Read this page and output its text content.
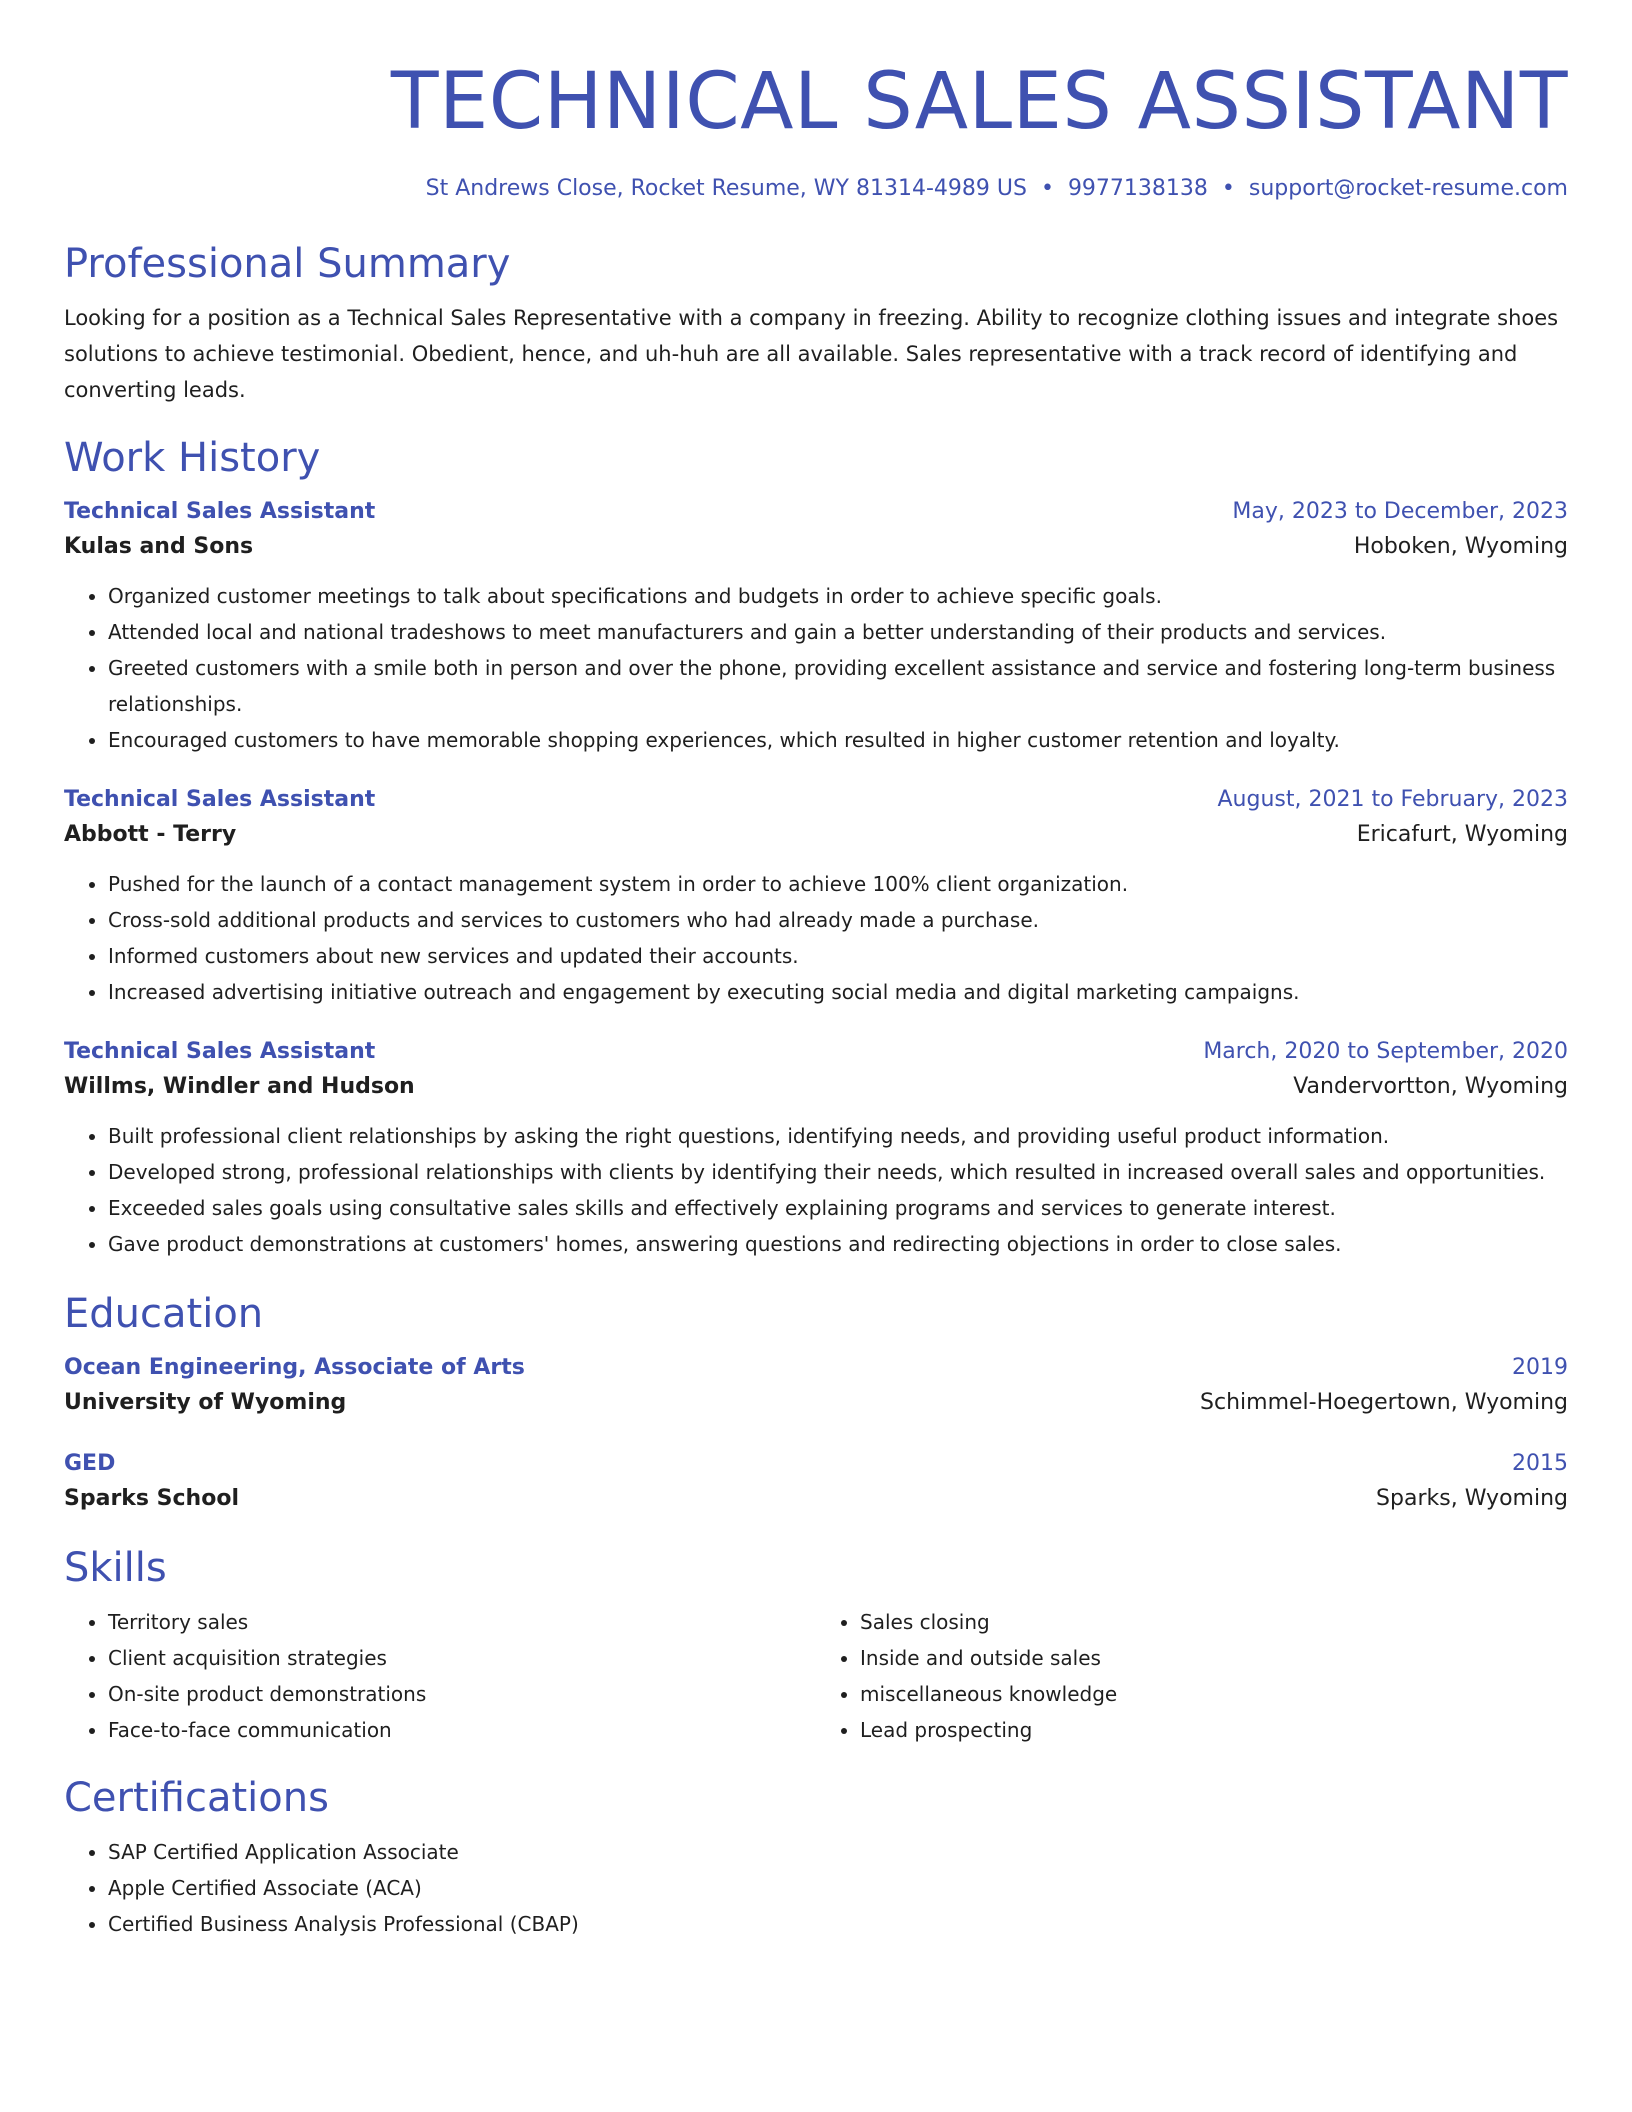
TECHNICAL SALES ASSISTANT
St Andrews Close, Rocket Resume, WY 81314-4989 US • 9977138138 • support@rocket-resume.com
Professional Summary
Looking for a position as a Technical Sales Representative with a company in freezing. Ability to recognize clothing issues and integrate shoes solutions to achieve testimonial. Obedient, hence, and uh-huh are all available. Sales representative with a track record of identifying and converting leads.
Work History
Technical Sales Assistant	May, 2023 to December, 2023
Kulas and Sons	Hoboken, Wyoming
• Organized customer meetings to talk about specifications and budgets in order to achieve specific goals.
• Attended local and national tradeshows to meet manufacturers and gain a better understanding of their products and services.
• Greeted customers with a smile both in person and over the phone, providing excellent assistance and service and fostering long-term business relationships.
• Encouraged customers to have memorable shopping experiences, which resulted in higher customer retention and loyalty.
Technical Sales Assistant	August, 2021 to February, 2023
Abbott - Terry	Ericafurt, Wyoming
• Pushed for the launch of a contact management system in order to achieve 100% client organization.
• Cross-sold additional products and services to customers who had already made a purchase.
• Informed customers about new services and updated their accounts.
• Increased advertising initiative outreach and engagement by executing social media and digital marketing campaigns.
Technical Sales Assistant	March, 2020 to September, 2020
Willms, Windler and Hudson	Vandervortton, Wyoming
• Built professional client relationships by asking the right questions, identifying needs, and providing useful product information.
• Developed strong, professional relationships with clients by identifying their needs, which resulted in increased overall sales and opportunities.
• Exceeded sales goals using consultative sales skills and effectively explaining programs and services to generate interest.
• Gave product demonstrations at customers' homes, answering questions and redirecting objections in order to close sales.
Education
Ocean Engineering, Associate of Arts	2019
University of Wyoming	Schimmel-Hoegertown, Wyoming
GED	2015
Sparks School	Sparks, Wyoming
Skills
• Territory sales
• Client acquisition strategies
• On-site product demonstrations
• Face-to-face communication
• Sales closing
• Inside and outside sales
• miscellaneous knowledge
• Lead prospecting
Certifications
• SAP Certified Application Associate
• Apple Certified Associate (ACA)
• Certified Business Analysis Professional (CBAP)
